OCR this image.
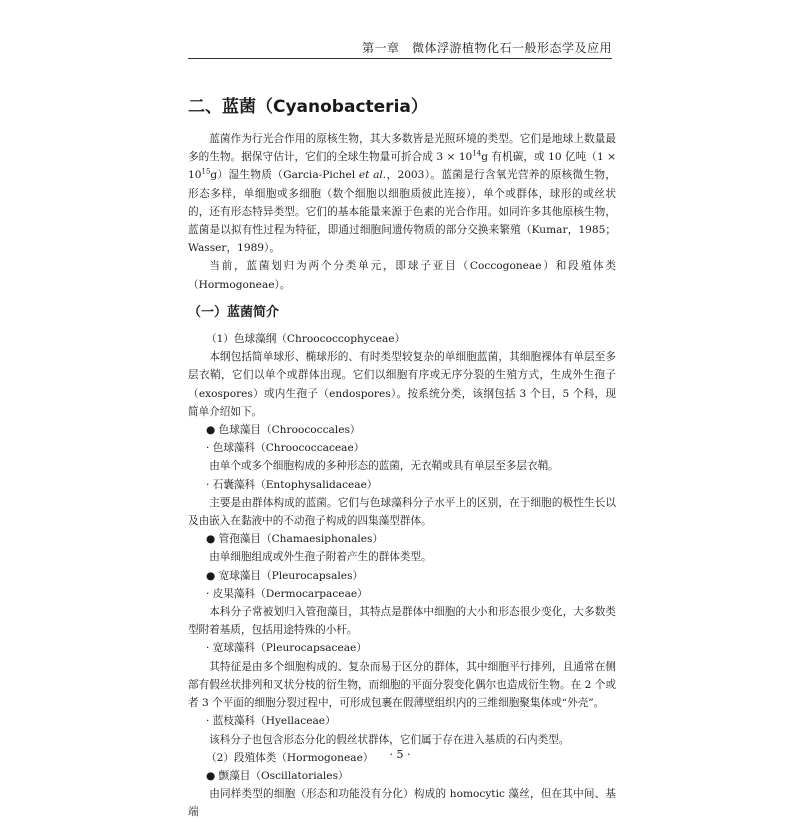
第一章　微体浮游植物化石一般形态学及应用
二、蓝菌（Cyanobacteria）

蓝菌作为行光合作用的原核生物，其大多数皆是光照环境的类型。它们是地球上数量最多的生物。据保守估计，它们的全球生物量可折合成 $3 \times 10^{14}g$ 有机碳，或 10 亿吨$(1 \times 10^{15}g)$湿生物质（Garcia-Pichel et al.，2003）。蓝菌是行含氧光营养的原核微生物，形态多样，单细胞或多细胞（数个细胞以细胞质彼此连接），单个或群体，球形的或丝状的，还有形态特异类型。它们的基本能量来源于色素的光合作用。如同许多其他原核生物，蓝菌是以拟有性过程为特征，即通过细胞间遗传物质的部分交换来繁殖（Kumar，1985；Wasser，1989）。

当前，蓝菌划归为两个分类单元，即球子亚目（Coccogoneae）和段殖体类（Hormogoneae）。

（一）蓝菌简介

（1）色球藻纲（Chroococcophyceae）

本纲包括简单球形、椭球形的、有时类型较复杂的单细胞蓝菌，其细胞裸体有单层至多层衣鞘，它们以单个或群体出现。它们以细胞有序或无序分裂的生殖方式，生成外生孢子（exospores）或内生孢子（endospores）。按系统分类，该纲包括 3 个目，5 个科，现简单介绍如下。

● 色球藻目（Chroococcales）

· 色球藻科（Chroococcaceae）

由单个或多个细胞构成的多种形态的蓝菌，无衣鞘或具有单层至多层衣鞘。

· 石囊藻科（Entophysalidaceae）

主要是由群体构成的蓝菌。它们与色球藻科分子水平上的区别，在于细胞的极性生长以及由嵌入在黏液中的不动孢子构成的四集藻型群体。

● 管孢藻目（Chamaesiphonales）

由单细胞组成或外生孢子附着产生的群体类型。

● 宽球藻目（Pleurocapsales）

· 皮果藻科（Dermocarpaceae）

本科分子常被划归入管孢藻目，其特点是群体中细胞的大小和形态很少变化，大多数类型附着基质，包括用途特殊的小杆。

· 宽球藻科（Pleurocapsaceae）

其特征是由多个细胞构成的、复杂而易于区分的群体，其中细胞平行排列，且通常在侧部有假丝状排列和叉状分枝的衍生物，而细胞的平面分裂变化偶尔也造成衍生物。在 2 个或者 3 个平面的细胞分裂过程中，可形成包裹在假薄壁组织内的三维细胞聚集体或“外壳”。

· 蓝枝藻科（Hyellaceae）

该科分子也包含形态分化的假丝状群体，它们属于存在进入基质的石内类型。

（2）段殖体类（Hormogoneae）

● 颤藻目（Oscillatoriales）

由同样类型的细胞（形态和功能没有分化）构成的 homocytic 藻丝，但在其中间、基端

· 5 ·
